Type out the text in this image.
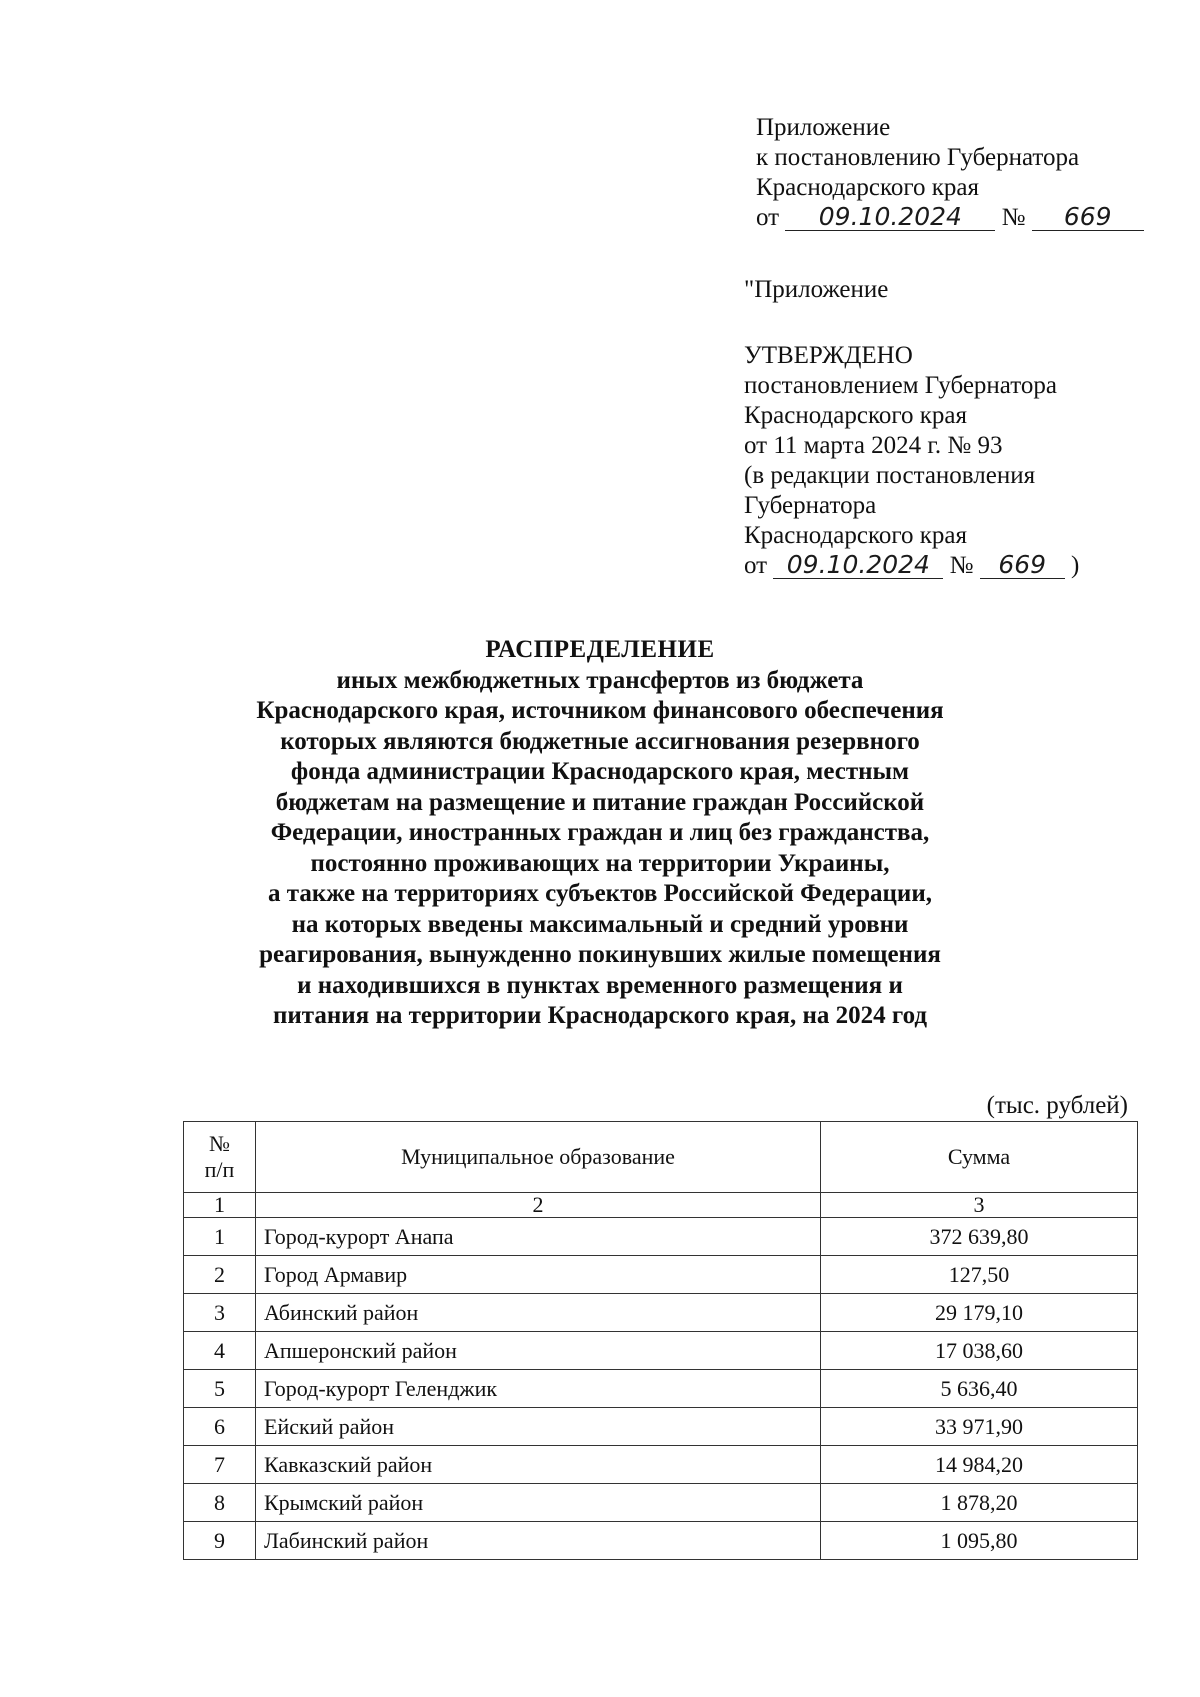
Приложение
к постановлению Губернатора
Краснодарского края
от 09.10.2024 № 669
"Приложение
УТВЕРЖДЕНО
постановлением Губернатора
Краснодарского края
от 11 марта 2024 г. № 93
(в редакции постановления
Губернатора
Краснодарского края
от 09.10.2024 № 669 )
РАСПРЕДЕЛЕНИЕ
иных межбюджетных трансфертов из бюджета
Краснодарского края, источником финансового обеспечения
которых являются бюджетные ассигнования резервного
фонда администрации Краснодарского края, местным
бюджетам на размещение и питание граждан Российской
Федерации, иностранных граждан и лиц без гражданства,
постоянно проживающих на территории Украины,
а также на территориях субъектов Российской Федерации,
на которых введены максимальный и средний уровни
реагирования, вынужденно покинувших жилые помещения
и находившихся в пунктах временного размещения и
питания на территории Краснодарского края, на 2024 год
(тыс. рублей)
№
п/п	Муниципальное образование	Сумма
1	2	3
1	Город-курорт Анапа	372 639,80
2	Город Армавир	127,50
3	Абинский район	29 179,10
4	Апшеронский район	17 038,60
5	Город-курорт Геленджик	5 636,40
6	Ейский район	33 971,90
7	Кавказский район	14 984,20
8	Крымский район	1 878,20
9	Лабинский район	1 095,80
